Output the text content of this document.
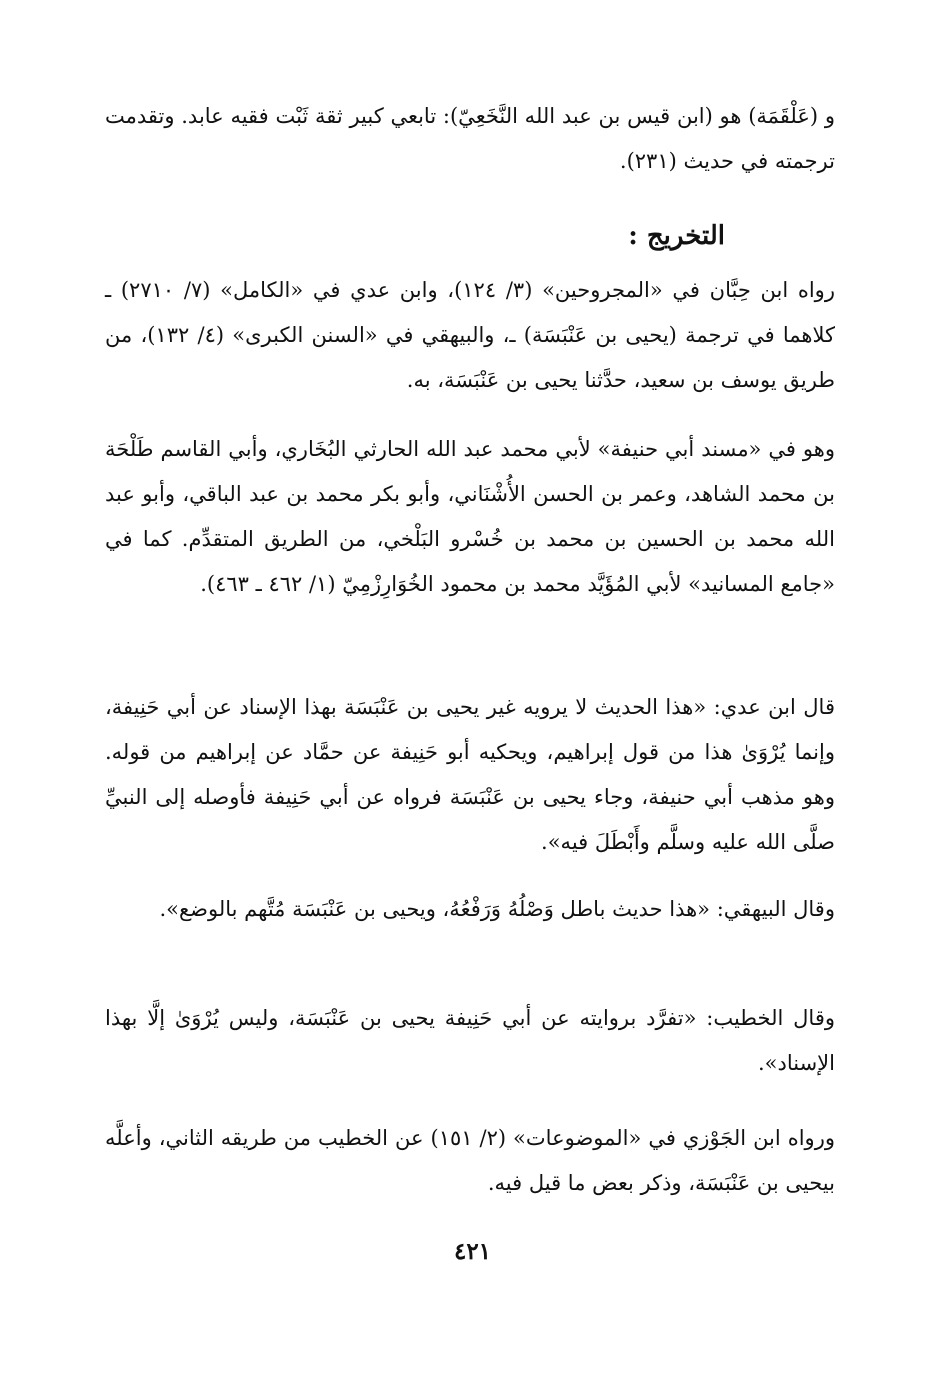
و (عَلْقَمَة) هو (ابن قيس بن عبد الله النَّخَعِيّ): تابعي كبير ثقة ثَبْت فقيه عابد. وتقدمت ترجمته في حديث (٢٣١).

التخريج :

رواه ابن حِبَّان في «المجروحين» (٣/ ١٢٤)، وابن عدي في «الكامل» (٧/ ٢٧١٠) ـ كلاهما في ترجمة (يحيى بن عَنْبَسَة) ـ، والبيهقي في «السنن الكبرى» (٤/ ١٣٢)، من طريق يوسف بن سعيد، حدَّثنا يحيى بن عَنْبَسَة، به.

وهو في «مسند أبي حنيفة» لأبي محمد عبد الله الحارثي البُخَاري، وأبي القاسم طَلْحَة بن محمد الشاهد، وعمر بن الحسن الأُشْنَاني، وأبو بكر محمد بن عبد الباقي، وأبو عبد الله محمد بن الحسين بن محمد بن خُسْرو البَلْخي، من الطريق المتقدِّم. كما في «جامع المسانيد» لأبي المُؤَيَّد محمد بن محمود الخُوَارِزْمِيّ (١/ ٤٦٢ ـ ٤٦٣).

قال ابن عدي: «هذا الحديث لا يرويه غير يحيى بن عَنْبَسَة بهذا الإسناد عن أبي حَنِيفة، وإنما يُرْوَىٰ هذا من قول إبراهيم، ويحكيه أبو حَنِيفة عن حمَّاد عن إبراهيم من قوله. وهو مذهب أبي حنيفة، وجاء يحيى بن عَنْبَسَة فرواه عن أبي حَنِيفة فأوصله إلى النبيِّ صلَّى الله عليه وسلَّم وأَبْطَلَ فيه».

وقال البيهقي: «هذا حديث باطل وَصْلُهُ وَرَفْعُهُ، ويحيى بن عَنْبَسَة مُتَّهم بالوضع».

وقال الخطيب: «تفرَّد بروايته عن أبي حَنِيفة يحيى بن عَنْبَسَة، وليس يُرْوَىٰ إلَّا بهذا الإسناد».

ورواه ابن الجَوْزي في «الموضوعات» (٢/ ١٥١) عن الخطيب من طريقه الثاني، وأعلَّه بيحيى بن عَنْبَسَة، وذكر بعض ما قيل فيه.

٤٢١
